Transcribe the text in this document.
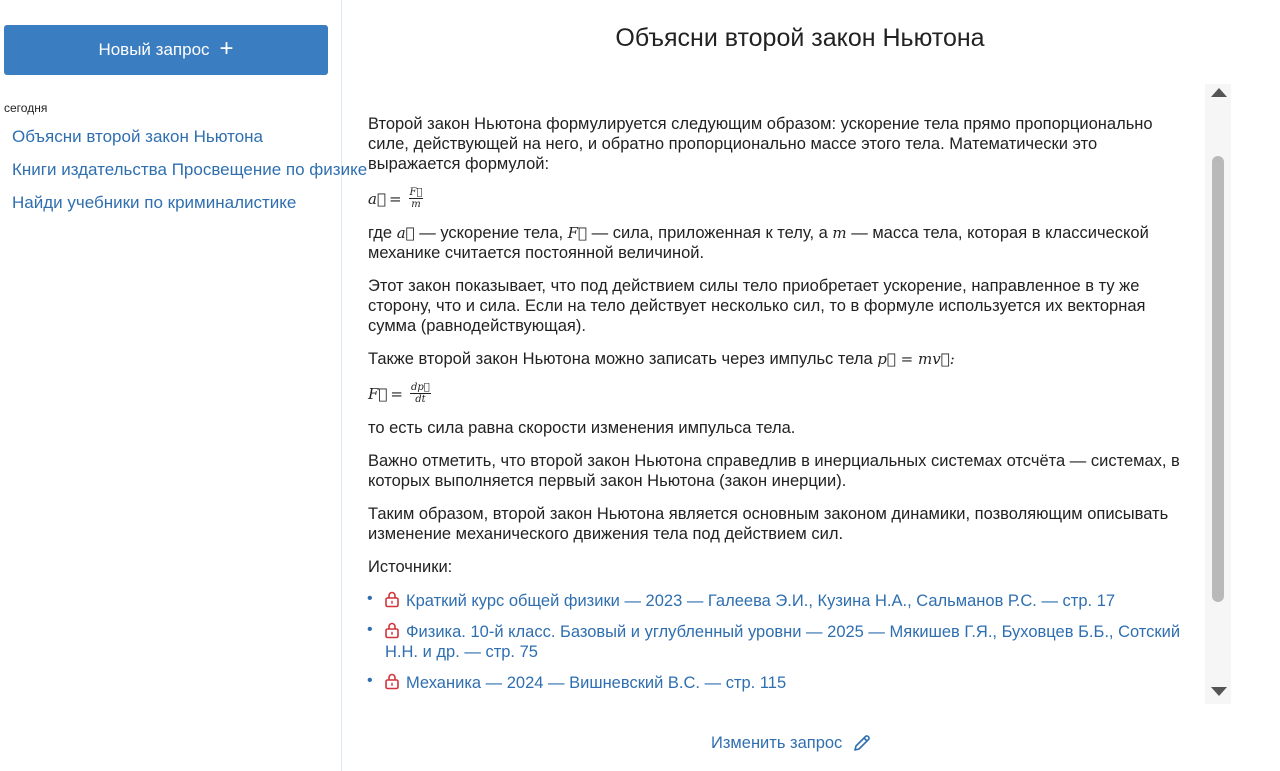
Новый запрос +
сегодня
Объясни второй закон Ньютона
Книги издательства Просвещение по физике
Найди учебники по криминалистике
Объясни второй закон Ньютона

Второй закон Ньютона формулируется следующим образом: ускорение тела прямо пропорционально силе, действующей на него, и обратно пропорционально массе этого тела. Математически это выражается формулой:

a⃗ = $\frac{F⃗}{m}$

где a⃗ — ускорение тела, F⃗ — сила, приложенная к телу, а m — масса тела, которая в классической механике считается постоянной величиной.

Этот закон показывает, что под действием силы тело приобретает ускорение, направленное в ту же сторону, что и сила. Если на тело действует несколько сил, то в формуле используется их векторная сумма (равнодействующая).

Также второй закон Ньютона можно записать через импульс тела p⃗ = mv⃗:

F⃗ = $\frac{dp⃗}{dt}$

то есть сила равна скорости изменения импульса тела.

Важно отметить, что второй закон Ньютона справедлив в инерциальных системах отсчёта — системах, в которых выполняется первый закон Ньютона (закон инерции).

Таким образом, второй закон Ньютона является основным законом динамики, позволяющим описывать изменение механического движения тела под действием сил.

Источники:
• Краткий курс общей физики — 2023 — Галеева Э.И., Кузина Н.А., Сальманов Р.С. — стр. 17
• Физика. 10-й класс. Базовый и углубленный уровни — 2025 — Мякишев Г.Я., Буховцев Б.Б., Сотский Н.Н. и др. — стр. 75
• Механика — 2024 — Вишневский В.С. — стр. 115
Изменить запрос
